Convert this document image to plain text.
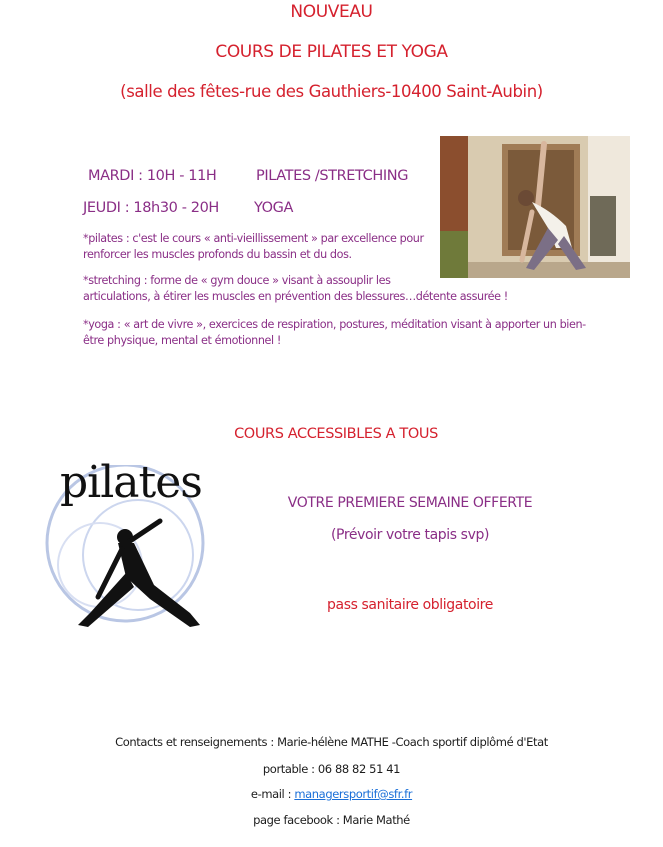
NOUVEAU
COURS DE PILATES ET YOGA
(salle des fêtes-rue des Gauthiers-10400 Saint-Aubin)
MARDI : 10H - 11H	PILATES /STRETCHING
JEUDI : 18h30 - 20H YOGA
*pilates : c'est le cours « anti-vieillissement » par excellence pour
renforcer les muscles profonds du bassin et du dos.
*stretching : forme de « gym douce » visant à assouplir les
articulations, à étirer les muscles en prévention des blessures…détente assurée !
*yoga : « art de vivre », exercices de respiration, postures, méditation visant à apporter un bien-
être physique, mental et émotionnel !
COURS ACCESSIBLES A TOUS
pilates	VOTRE PREMIERE SEMAINE OFFERTE
(Prévoir votre tapis svp)
pass sanitaire obligatoire
Contacts et renseignements : Marie-hélène MATHE -Coach sportif diplômé d'Etat
portable : 06 88 82 51 41
e-mail : managersportif@sfr.fr
page facebook : Marie Mathé
